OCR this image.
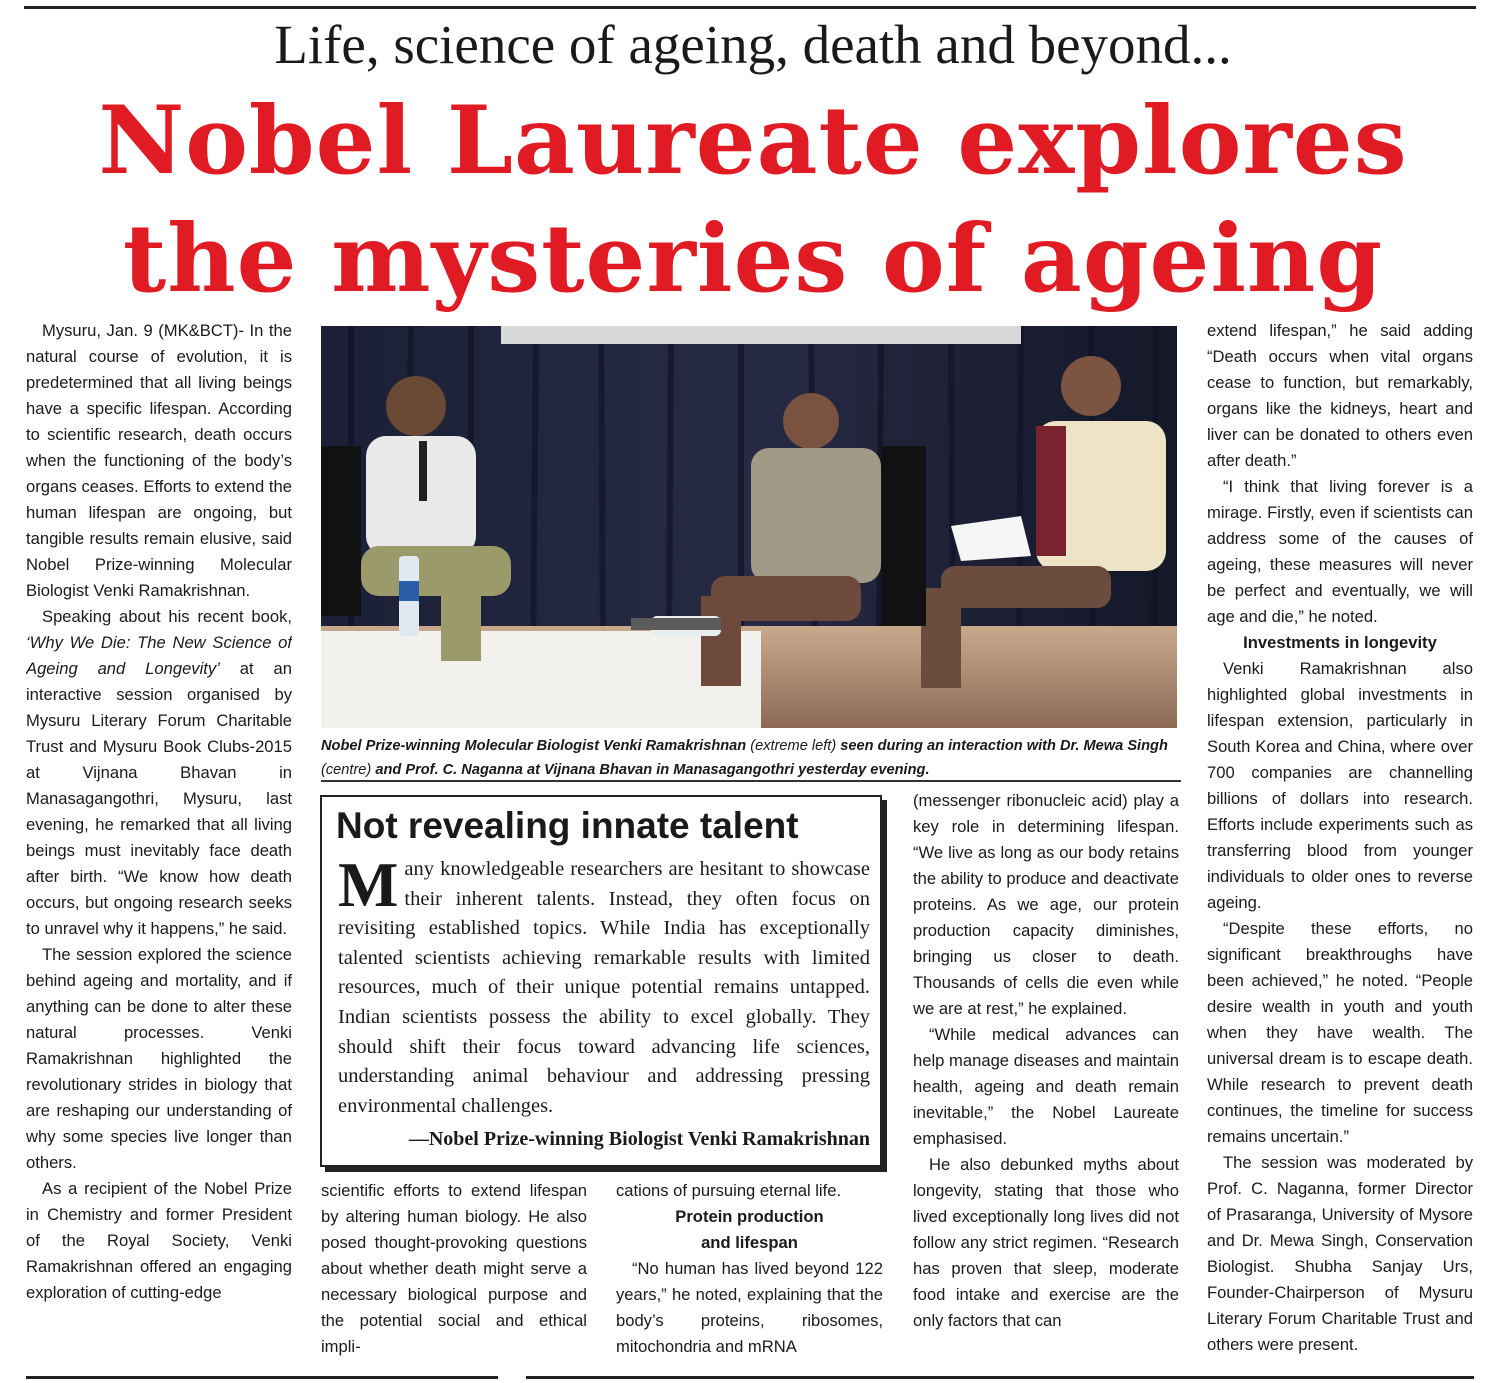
Life, science of ageing, death and beyond...
Nobel Laureate explores
the mysteries of ageing

Mysuru, Jan. 9 (MK&BCT)- In the natural course of evolution, it is predetermined that all living beings have a specific lifespan. According to scientific research, death occurs when the functioning of the body’s organs ceases. Efforts to extend the human lifespan are ongoing, but tangible results remain elusive, said Nobel Prize-winning Molecular Biologist Venki Ramakrishnan.

Speaking about his recent book, ‘Why We Die: The New Science of Ageing and Longevity’ at an interactive session organised by Mysuru Literary Forum Charitable Trust and Mysuru Book Clubs-2015 at Vijnana Bhavan in Manasagangothri, Mysuru, last evening, he remarked that all living beings must inevitably face death after birth. “We know how death occurs, but ongoing research seeks to unravel why it happens,” he said.

The session explored the science behind ageing and mortality, and if anything can be done to alter these natural processes. Venki Ramakrishnan highlighted the revolutionary strides in biology that are reshaping our understanding of why some species live longer than others.

As a recipient of the Nobel Prize in Chemistry and former President of the Royal Society, Venki Ramakrishnan offered an engaging exploration of cutting-edge

Nobel Prize-winning Molecular Biologist Venki Ramakrishnan (extreme left) seen during an interaction with Dr. Mewa Singh (centre) and Prof. C. Naganna at Vijnana Bhavan in Manasagangothri yesterday evening.
Not revealing innate talent
Many knowledgeable researchers are hesitant to showcase their inherent talents. Instead, they often focus on revisiting established topics. While India has exceptionally talented scientists achieving remarkable results with limited resources, much of their unique potential remains untapped. Indian scientists possess the ability to excel globally. They should shift their focus toward advancing life sciences, understanding animal behaviour and addressing pressing environmental challenges.
—Nobel Prize-winning Biologist Venki Ramakrishnan

scientific efforts to extend lifespan by altering human biology. He also posed thought-provoking questions about whether death might serve a necessary biological purpose and the potential social and ethical impli-

cations of pursuing eternal life.

Protein production

and lifespan

“No human has lived beyond 122 years,” he noted, explaining that the body’s proteins, ribosomes, mitochondria and mRNA

(messenger ribonucleic acid) play a key role in determining lifespan. “We live as long as our body retains the ability to produce and deactivate proteins. As we age, our protein production capacity diminishes, bringing us closer to death. Thousands of cells die even while we are at rest,” he explained.

“While medical advances can help manage diseases and maintain health, ageing and death remain inevitable,” the Nobel Laureate emphasised.

He also debunked myths about longevity, stating that those who lived exceptionally long lives did not follow any strict regimen. “Research has proven that sleep, moderate food intake and exercise are the only factors that can

extend lifespan,” he said adding “Death occurs when vital organs cease to function, but remarkably, organs like the kidneys, heart and liver can be donated to others even after death.”

“I think that living forever is a mirage. Firstly, even if scientists can address some of the causes of ageing, these measures will never be perfect and eventually, we will age and die,” he noted.

Investments in longevity

Venki Ramakrishnan also highlighted global investments in lifespan extension, particularly in South Korea and China, where over 700 companies are channelling billions of dollars into research. Efforts include experiments such as transferring blood from younger individuals to older ones to reverse ageing.

“Despite these efforts, no significant breakthroughs have been achieved,” he noted. “People desire wealth in youth and youth when they have wealth. The universal dream is to escape death. While research to prevent death continues, the timeline for success remains uncertain.”

The session was moderated by Prof. C. Naganna, former Director of Prasaranga, University of Mysore and Dr. Mewa Singh, Conservation Biologist. Shubha Sanjay Urs, Founder-Chairperson of Mysuru Literary Forum Charitable Trust and others were present.
